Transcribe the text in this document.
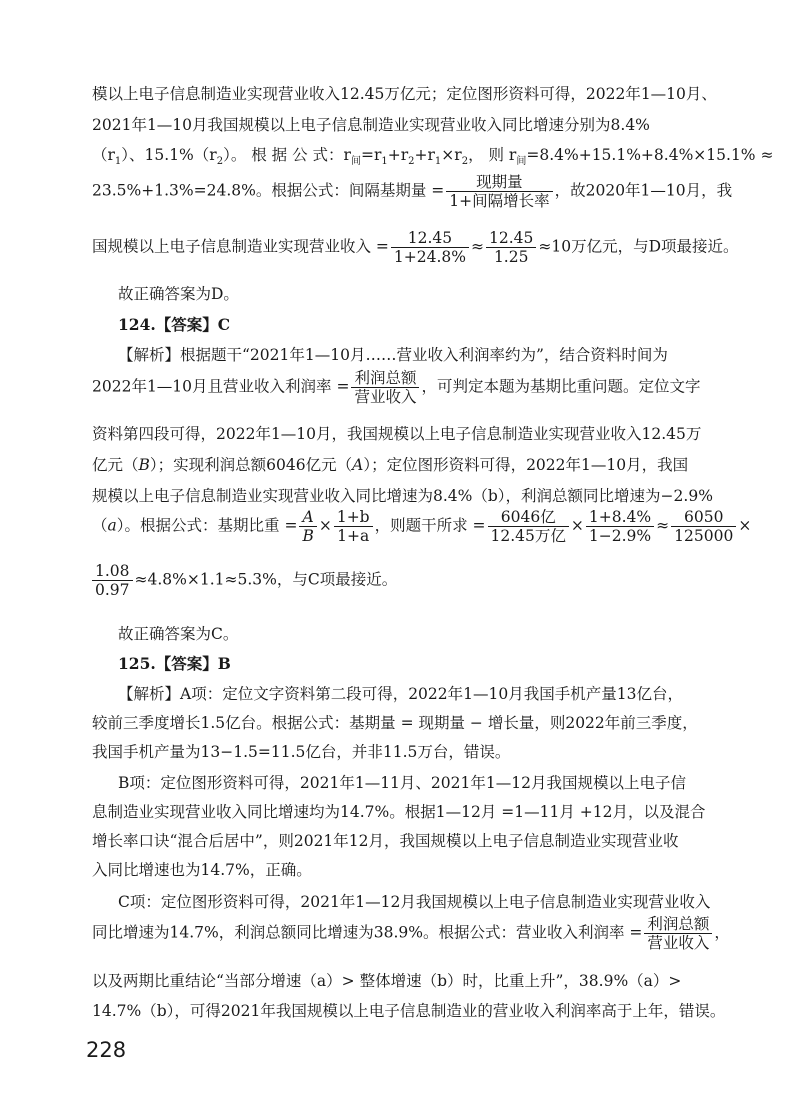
模以上电子信息制造业实现营业收入12.45万亿元；定位图形资料可得，2022年1—10月、
2021年1—10月我国规模以上电子信息制造业实现营业收入同比增速分别为8.4%
$(r_1)$、$15.1\%(r_2)$。 根 据 公 式：$r_间=r_1+r_2+r_1\times r_2$， 则 $r_间=8.4\%+15.1\%+8.4\%\times 15.1\%$ ≈
23.5%+1.3%=24.8%。根据公式：间隔基期量 = $\frac{\text{现期量}}{\text{1+间隔增长率}}$ ，故2020年1—10月，我
国规模以上电子信息制造业实现营业收入 = $\frac{12.45}{1+24.8\%} \approx \frac{12.45}{1.25} \approx 10$万亿元，与D项最接近。
故正确答案为D。
124.【答案】C
【解析】根据题干“2021年1—10月……营业收入利润率约为”，结合资料时间为
2022年1—10月且营业收入利润率 = $\frac{\text{利润总额}}{\text{营业收入}}$ ，可判定本题为基期比重问题。定位文字
资料第四段可得，2022年1—10月，我国规模以上电子信息制造业实现营业收入12.45万
亿元（B）；实现利润总额6046亿元（A）；定位图形资料可得，2022年1—10月，我国
规模以上电子信息制造业实现营业收入同比增速为8.4%（b），利润总额同比增速为−2.9%
（a）。根据公式：基期比重 = $\frac{A}{B} \times \frac{1+b}{1+a}$ ，则题干所求 = $\frac{\text{6046亿}}{\text{12.45万亿}} \times \frac{1+8.4\%}{1-2.9\%} \approx \frac{6050}{125000}$ ×
$\frac{1.08}{0.97} \approx 4.8\%\times 1.1\approx 5.3\%$，与C项最接近。
故正确答案为C。
125.【答案】B
【解析】A项：定位文字资料第二段可得，2022年1—10月我国手机产量13亿台，
较前三季度增长1.5亿台。根据公式：基期量 = 现期量 − 增长量，则2022年前三季度，
我国手机产量为13−1.5=11.5亿台，并非11.5万台，错误。
B项：定位图形资料可得，2021年1—11月、2021年1—12月我国规模以上电子信
息制造业实现营业收入同比增速均为14.7%。根据1—12月 =1—11月 +12月，以及混合
增长率口诀“混合后居中”，则2021年12月，我国规模以上电子信息制造业实现营业收
入同比增速也为14.7%，正确。
C项：定位图形资料可得，2021年1—12月我国规模以上电子信息制造业实现营业收入
同比增速为14.7%，利润总额同比增速为38.9%。根据公式：营业收入利润率 = $\frac{\text{利润总额}}{\text{营业收入}}$ ，
以及两期比重结论“当部分增速（a）> 整体增速（b）时，比重上升”，38.9%（a）>
14.7%（b），可得2021年我国规模以上电子信息制造业的营业收入利润率高于上年，错误。
228
